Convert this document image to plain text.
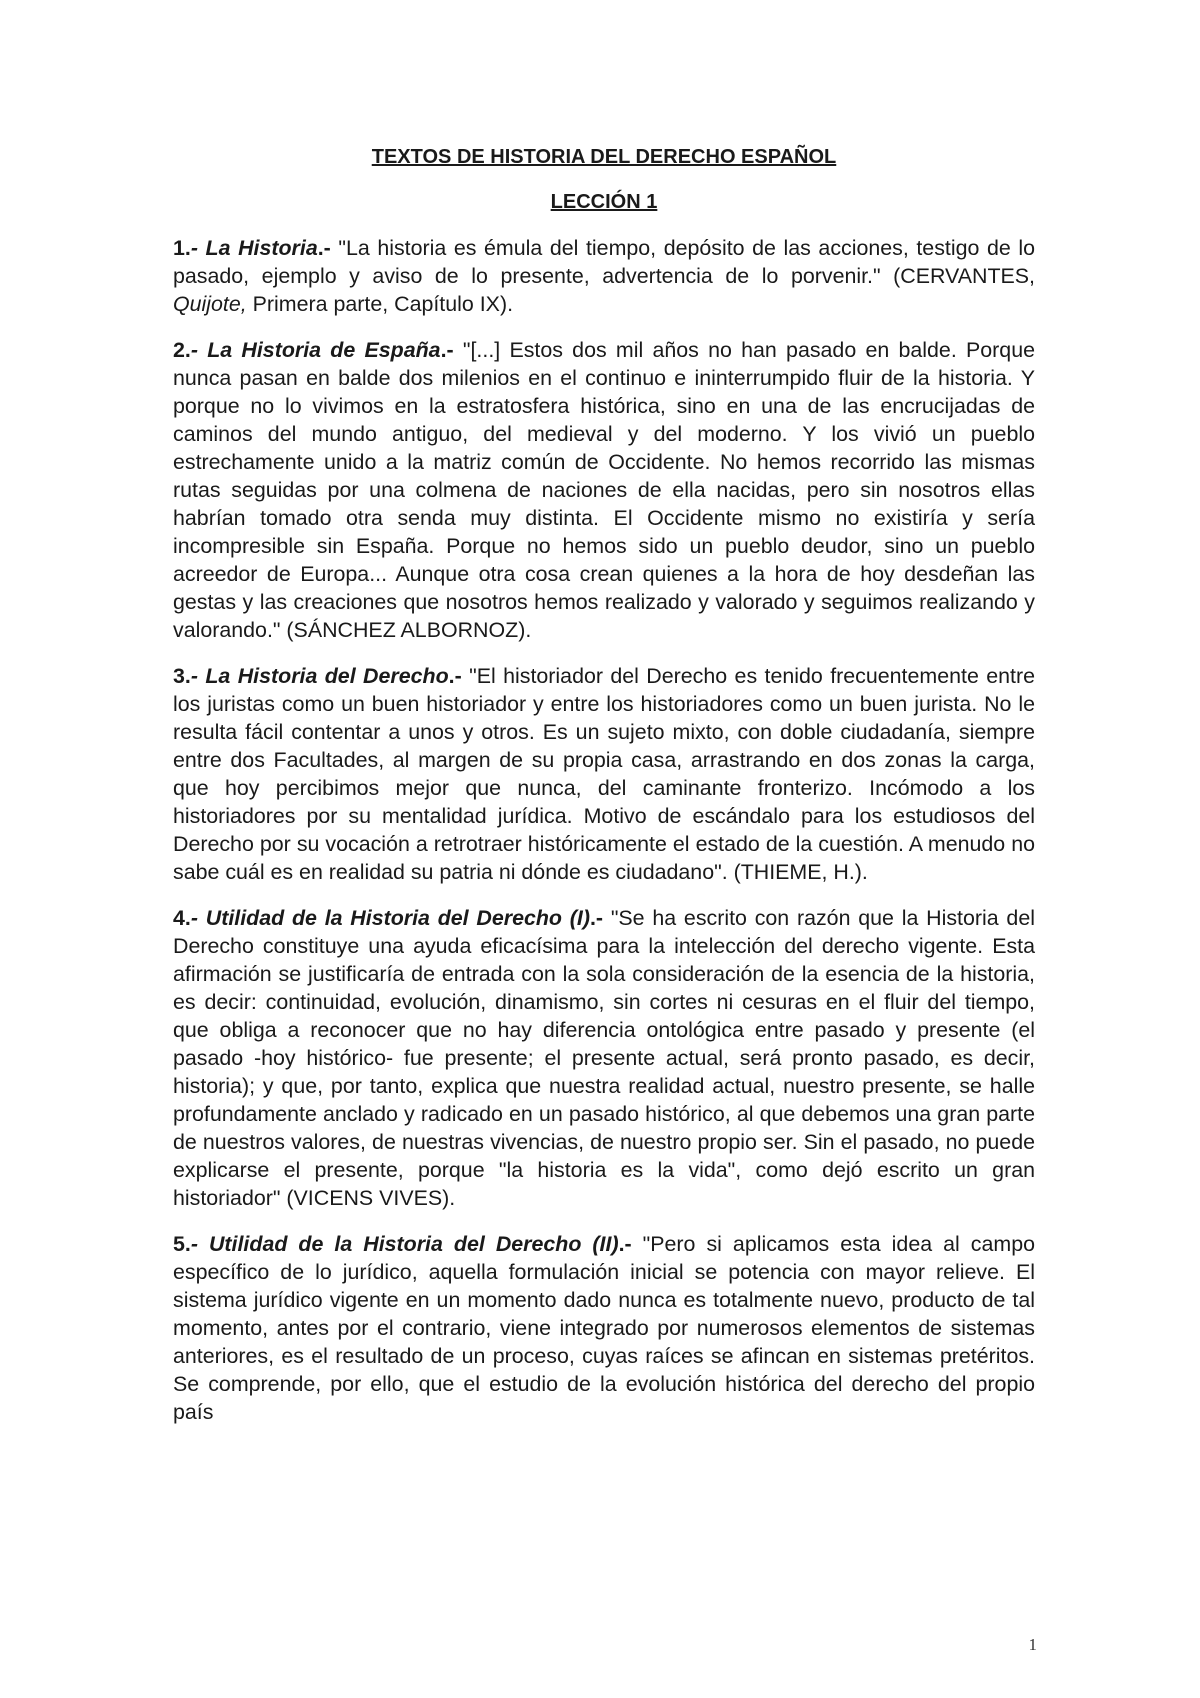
TEXTOS DE HISTORIA DEL DERECHO ESPAÑOL

LECCIÓN 1

1.- La Historia.- "La historia es émula del tiempo, depósito de las acciones, testigo de lo pasado, ejemplo y aviso de lo presente, advertencia de lo porvenir." (CERVANTES, Quijote, Primera parte, Capítulo IX).

2.- La Historia de España.- "[...] Estos dos mil años no han pasado en balde. Porque nunca pasan en balde dos milenios en el continuo e ininterrumpido fluir de la historia. Y porque no lo vivimos en la estratosfera histórica, sino en una de las encrucijadas de caminos del mundo antiguo, del medieval y del moderno. Y los vivió un pueblo estrechamente unido a la matriz común de Occidente. No hemos recorrido las mismas rutas seguidas por una colmena de naciones de ella nacidas, pero sin nosotros ellas habrían tomado otra senda muy distinta. El Occidente mismo no existiría y sería incompresible sin España. Porque no hemos sido un pueblo deudor, sino un pueblo acreedor de Europa... Aunque otra cosa crean quienes a la hora de hoy desdeñan las gestas y las creaciones que nosotros hemos realizado y valorado y seguimos realizando y valorando." (SÁNCHEZ ALBORNOZ).

3.- La Historia del Derecho.- "El historiador del Derecho es tenido frecuentemente entre los juristas como un buen historiador y entre los historiadores como un buen jurista. No le resulta fácil contentar a unos y otros. Es un sujeto mixto, con doble ciudadanía, siempre entre dos Facultades, al margen de su propia casa, arrastrando en dos zonas la carga, que hoy percibimos mejor que nunca, del caminante fronterizo. Incómodo a los historiadores por su mentalidad jurídica. Motivo de escándalo para los estudiosos del Derecho por su vocación a retrotraer históricamente el estado de la cuestión. A menudo no sabe cuál es en realidad su patria ni dónde es ciudadano". (THIEME, H.).

4.- Utilidad de la Historia del Derecho (I).- "Se ha escrito con razón que la Historia del Derecho constituye una ayuda eficacísima para la intelección del derecho vigente. Esta afirmación se justificaría de entrada con la sola consideración de la esencia de la historia, es decir: continuidad, evolución, dinamismo, sin cortes ni cesuras en el fluir del tiempo, que obliga a reconocer que no hay diferencia ontológica entre pasado y presente (el pasado -hoy histórico- fue presente; el presente actual, será pronto pasado, es decir, historia); y que, por tanto, explica que nuestra realidad actual, nuestro presente, se halle profundamente anclado y radicado en un pasado histórico, al que debemos una gran parte de nuestros valores, de nuestras vivencias, de nuestro propio ser. Sin el pasado, no puede explicarse el presente, porque "la historia es la vida", como dejó escrito un gran historiador" (VICENS VIVES).

5.- Utilidad de la Historia del Derecho (II).- "Pero si aplicamos esta idea al campo específico de lo jurídico, aquella formulación inicial se potencia con mayor relieve. El sistema jurídico vigente en un momento dado nunca es totalmente nuevo, producto de tal momento, antes por el contrario, viene integrado por numerosos elementos de sistemas anteriores, es el resultado de un proceso, cuyas raíces se afincan en sistemas pretéritos. Se comprende, por ello, que el estudio de la evolución histórica del derecho del propio país

1
